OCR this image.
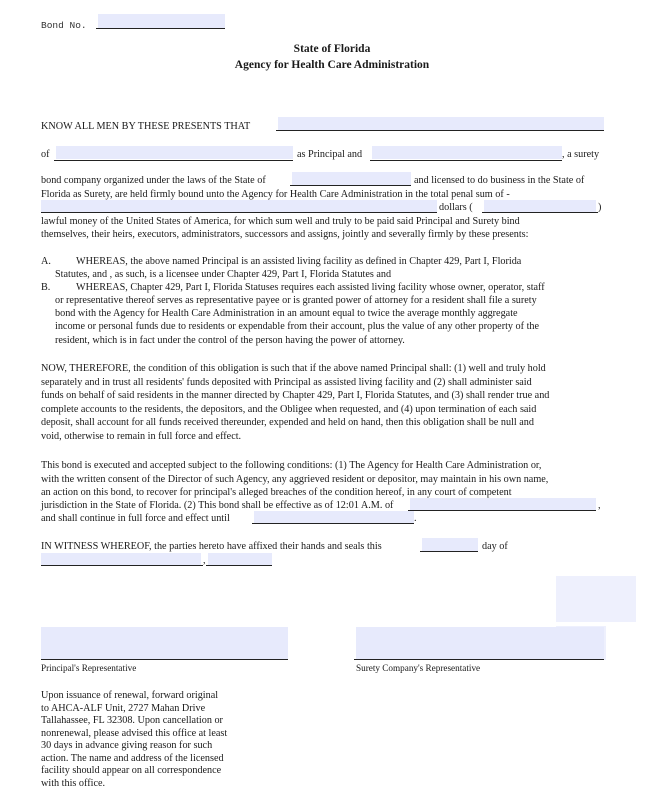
Bond No.
State of Florida
Agency for Health Care Administration
KNOW ALL MEN BY THESE PRESENTS THAT
of	as Principal and	, a surety
bond company organized under the laws of the State of	and licensed to do business in the State of
Florida as Surety, are held firmly bound unto the Agency for Health Care Administration in the total penal sum of -
dollars (	)
lawful money of the United States of America, for which sum well and truly to be paid said Principal and Surety bind
themselves, their heirs, executors, administrators, successors and assigns, jointly and severally firmly by these presents:
A. WHEREAS, the above named Principal is an assisted living facility as defined in Chapter 429, Part I, Florida
Statutes, and , as such, is a licensee under Chapter 429, Part I, Florida Statutes and
B.	WHEREAS, Chapter 429, Part I, Florida Statuses requires each assisted living facility whose owner, operator, staff
or representative thereof serves as representative payee or is granted power of attorney for a resident shall file a surety
bond with the Agency for Health Care Administration in an amount equal to twice the average monthly aggregate
income or personal funds due to residents or expendable from their account, plus the value of any other property of the
resident, which is in fact under the control of the person having the power of attorney.
NOW, THEREFORE, the condition of this obligation is such that if the above named Principal shall: (1) well and truly hold
separately and in trust all residents' funds deposited with Principal as assisted living facility and (2) shall administer said
funds on behalf of said residents in the manner directed by Chapter 429, Part I, Florida Statutes, and (3) shall render true and
complete accounts to the residents, the depositors, and the Obligee when requested, and (4) upon termination of each said
deposit, shall account for all funds received thereunder, expended and held on hand, then this obligation shall be null and
void, otherwise to remain in full force and effect.
This bond is executed and accepted subject to the following conditions: (1) The Agency for Health Care Administration or,
with the written consent of the Director of such Agency, any aggrieved resident or depositor, may maintain in his own name,
an action on this bond, to recover for principal's alleged breaches of the condition hereof, in any court of competent
jurisdiction in the State of Florida. (2) This bond shall be effective as of 12:01 A.M. of	,
and shall continue in full force and effect until	.
IN WITNESS WHEREOF, the parties hereto have affixed their hands and seals this	day of
,
Principal's Representative	Surety Company's Representative
Upon issuance of renewal, forward original
to AHCA-ALF Unit, 2727 Mahan Drive
Tallahassee, FL 32308. Upon cancellation or
nonrenewal, please advised this office at least
30 days in advance giving reason for such
action. The name and address of the licensed
facility should appear on all correspondence
with this office.
